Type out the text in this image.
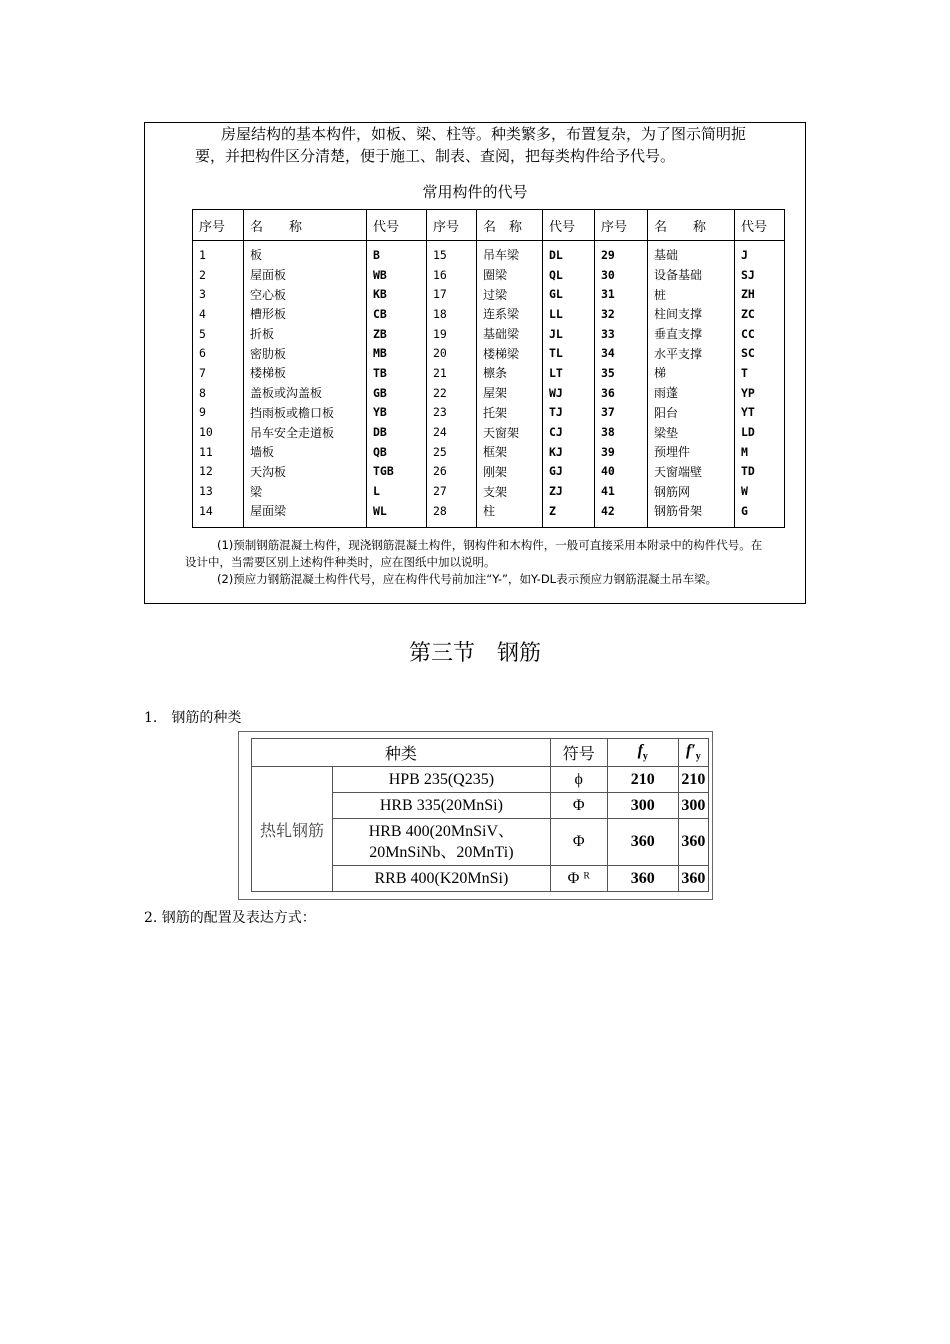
房屋结构的基本构件，如板、梁、柱等。种类繁多，布置复杂，为了图示简明扼要，并把构件区分清楚，便于施工、制表、查阅，把每类构件给予代号。
常用构件的代号
序号	名　　称	代号	序号	名　称	代号	序号	名　　称	代号
1	板	B	15	吊车梁	DL	29	基础	J
2	屋面板	WB	16	圈梁	QL	30	设备基础	SJ
3	空心板	KB	17	过梁	GL	31	桩	ZH
4	槽形板	CB	18	连系梁	LL	32	柱间支撑	ZC
5	折板	ZB	19	基础梁	JL	33	垂直支撑	CC
6	密肋板	MB	20	楼梯梁	TL	34	水平支撑	SC
7	楼梯板	TB	21	檩条	LT	35	梯	T
8	盖板或沟盖板	GB	22	屋架	WJ	36	雨蓬	YP
9	挡雨板或檐口板	YB	23	托架	TJ	37	阳台	YT
10	吊车安全走道板	DB	24	天窗架	CJ	38	梁垫	LD
11	墙板	QB	25	框架	KJ	39	预埋件	M
12	天沟板	TGB	26	刚架	GJ	40	天窗端壁	TD
13	梁	L	27	支架	ZJ	41	钢筋网	W
14	屋面梁	WL	28	柱	Z	42	钢筋骨架	G

(1)预制钢筋混凝土构件，现浇钢筋混凝土构件，钢构件和木构件，一般可直接采用本附录中的构件代号。在设计中，当需要区别上述构件种类时，应在图纸中加以说明。

(2)预应力钢筋混凝土构件代号，应在构件代号前加注“Y-”，如Y-DL表示预应力钢筋混凝土吊车梁。

第三节　钢筋
1.　钢筋的种类
种类		符号	$f_y$	$f'_y$
热轧钢筋	HPB 235(Q235)	ϕ	210	210
	HRB 335(20MnSi)	Φ	300	300
	HRB 400(20MnSiV、
20MnSiNb、20MnTi)	Φ	360	360
	RRB 400(K20MnSi)	Φ ᴿ	360	360
2. 钢筋的配置及表达方式：
